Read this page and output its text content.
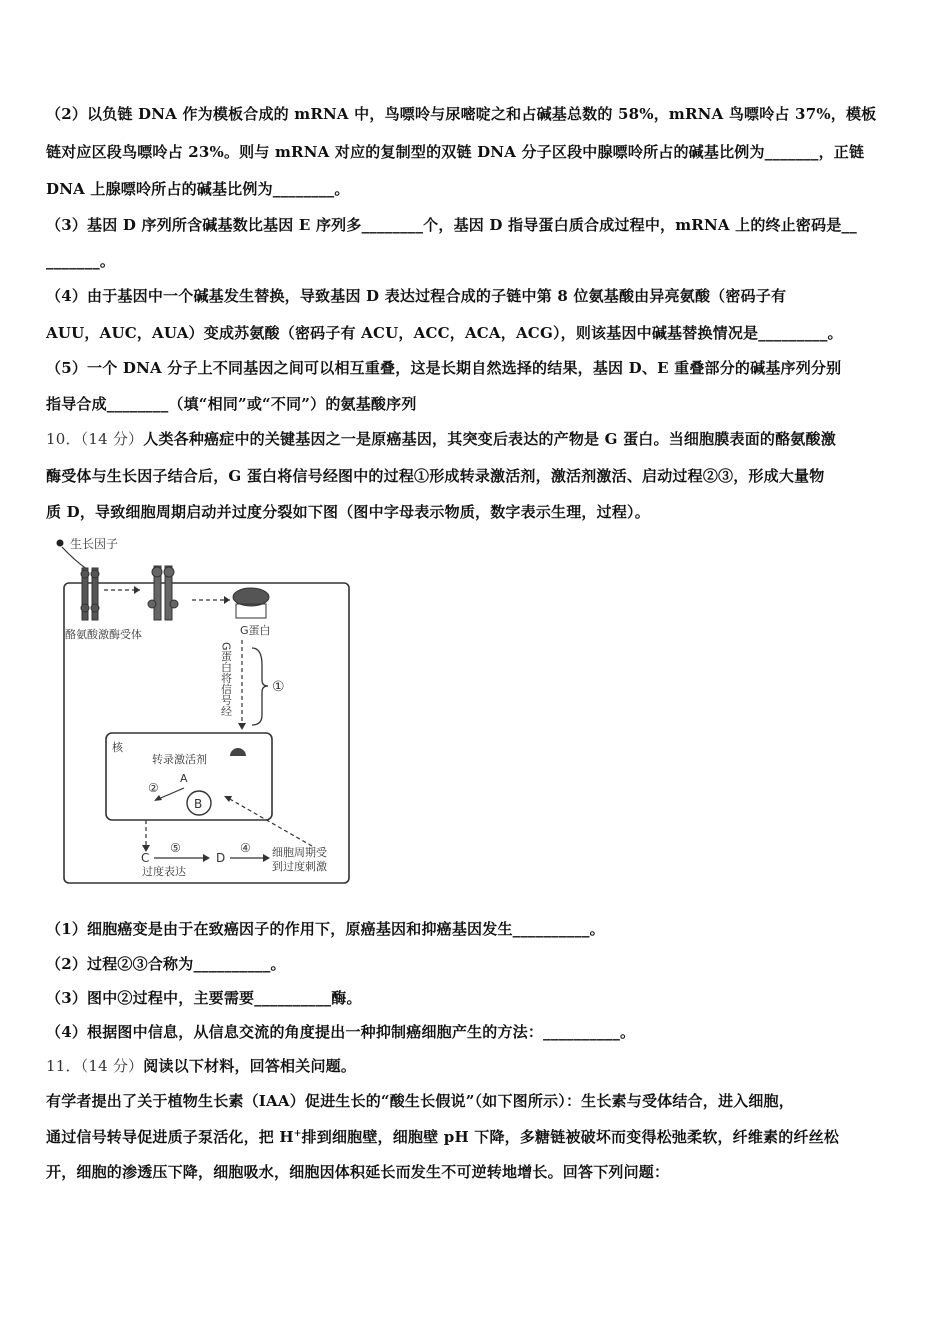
（2）以负链 DNA 作为模板合成的 mRNA 中，鸟嘌呤与尿嘧啶之和占碱基总数的 58%，mRNA 鸟嘌呤占 37%，模板
链对应区段鸟嘌呤占 23%。则与 mRNA 对应的复制型的双链 DNA 分子区段中腺嘌呤所占的碱基比例为_______，正链
DNA 上腺嘌呤所占的碱基比例为________。
（3）基因 D 序列所含碱基数比基因 E 序列多________个，基因 D 指导蛋白质合成过程中，mRNA 上的终止密码是__
_______。
（4）由于基因中一个碱基发生替换，导致基因 D 表达过程合成的子链中第 8 位氨基酸由异亮氨酸（密码子有
AUU，AUC，AUA）变成苏氨酸（密码子有 ACU，ACC，ACA，ACG），则该基因中碱基替换情况是_________。
（5）一个 DNA 分子上不同基因之间可以相互重叠，这是长期自然选择的结果，基因 D、E 重叠部分的碱基序列分别
指导合成________（填“相同”或“不同”）的氨基酸序列
10．（14 分）人类各种癌症中的关键基因之一是原癌基因，其突变后表达的产物是 G 蛋白。当细胞膜表面的酪氨酸激
酶受体与生长因子结合后，G 蛋白将信号经图中的过程①形成转录激活剂，激活剂激活、启动过程②③，形成大量物
质 D，导致细胞周期启动并过度分裂如下图（图中字母表示物质，数字表示生理，过程）。
生长因子
酪氨酸激酶受体	G蛋白
G蛋白将信号经	①
核
转录激活剂
A
B
②
C
⑤
过度表达
D
④ 细胞周期受
到过度刺激
（1）细胞癌变是由于在致癌因子的作用下，原癌基因和抑癌基因发生__________。
（2）过程②③合称为__________。
（3）图中②过程中，主要需要__________酶。
（4）根据图中信息，从信息交流的角度提出一种抑制癌细胞产生的方法：__________。
11．（14 分）阅读以下材料，回答相关问题。
有学者提出了关于植物生长素（IAA）促进生长的“酸生长假说”（如下图所示）：生长素与受体结合，进入细胞，
通过信号转导促进质子泵活化，把 H+排到细胞壁，细胞壁 pH 下降，多糖链被破坏而变得松弛柔软，纤维素的纤丝松
开，细胞的渗透压下降，细胞吸水，细胞因体积延长而发生不可逆转地增长。回答下列问题：
